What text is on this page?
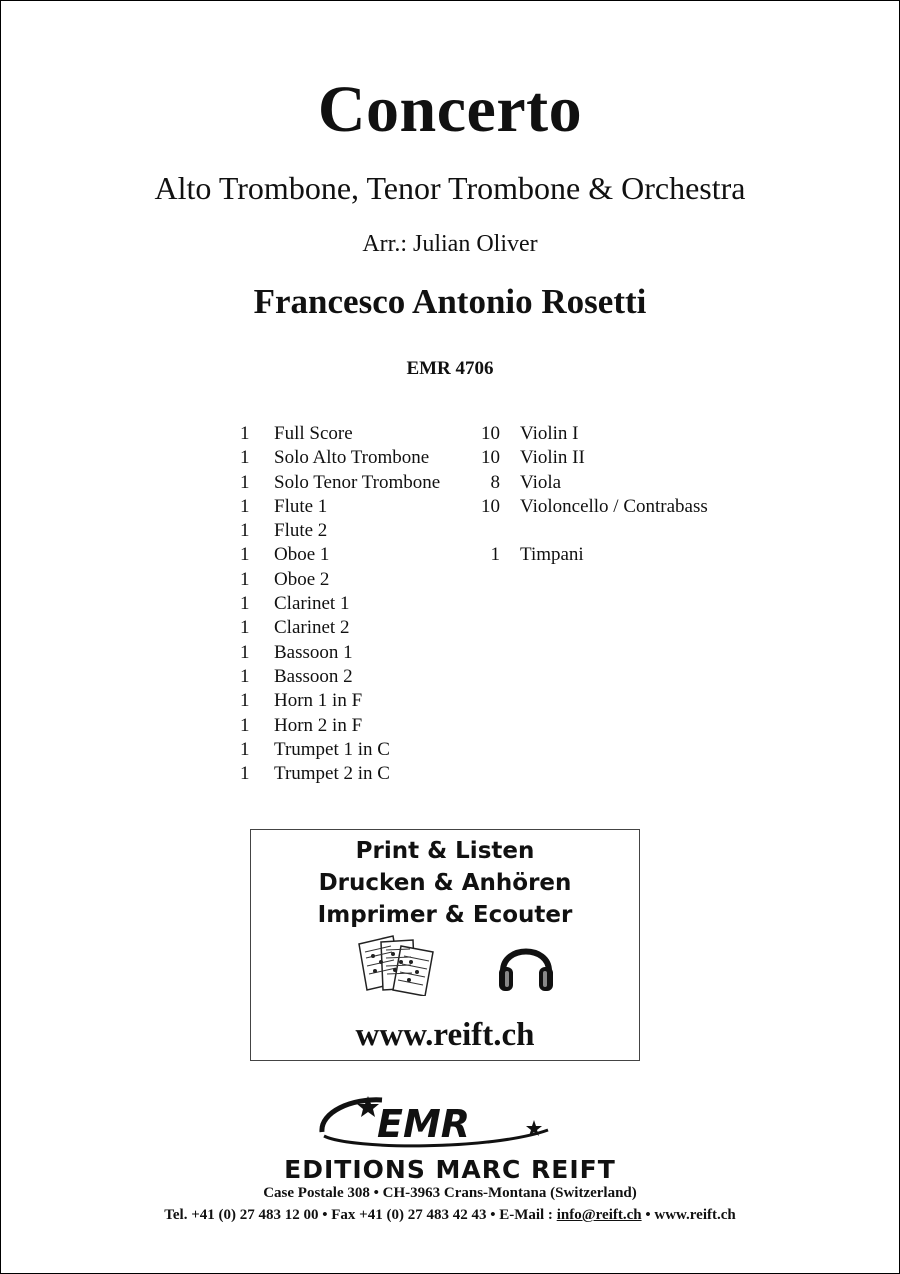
Concerto
Alto Trombone, Tenor Trombone & Orchestra
Arr.: Julian Oliver
Francesco Antonio Rosetti
EMR 4706
1	Full Score
1	Solo Alto Trombone
1	Solo Tenor Trombone
1	Flute 1
1	Flute 2
1	Oboe 1
1	Oboe 2
1	Clarinet 1
1	Clarinet 2
1	Bassoon 1
1	Bassoon 2
1	Horn 1 in F
1	Horn 2 in F
1	Trumpet 1 in C
1	Trumpet 2 in C
10 Violin I
10 Violin II
8 Viola
10 Violoncello / Contrabass
1 Timpani
Print & Listen
Drucken & Anhören
Imprimer & Ecouter
www.reift.ch
EMR
EDITIONS MARC REIFT
Case Postale 308 • CH-3963 Crans-Montana (Switzerland)
Tel. +41 (0) 27 483 12 00 • Fax +41 (0) 27 483 42 43 • E-Mail : info@reift.ch • www.reift.ch
